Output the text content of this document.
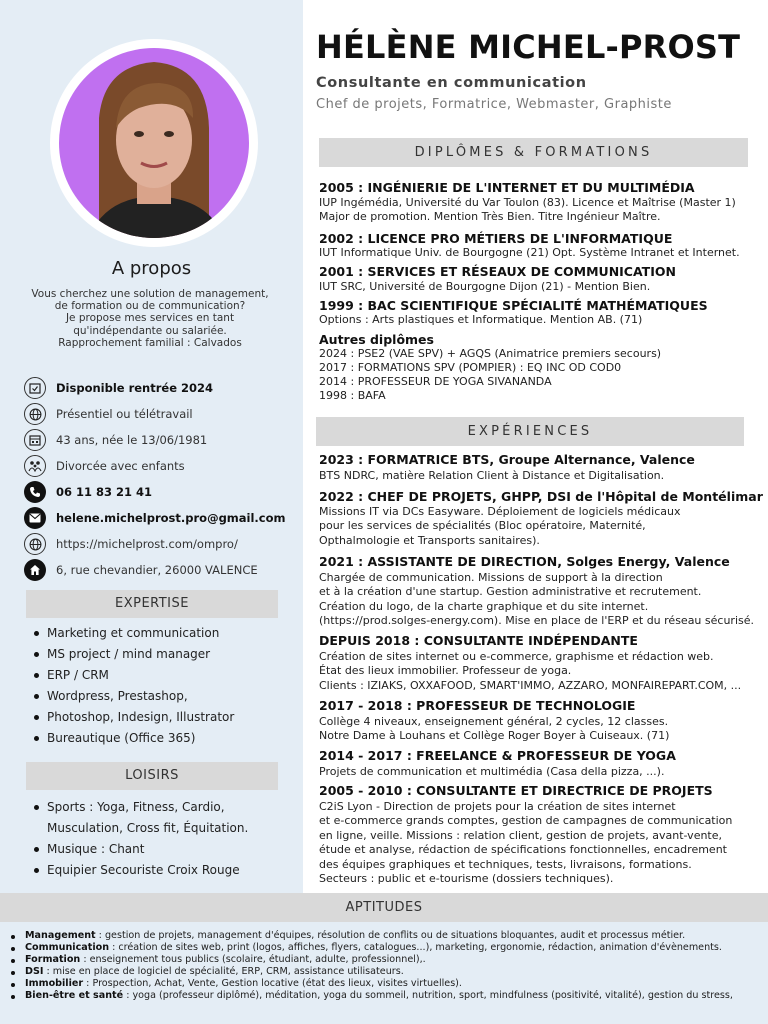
A propos
Vous cherchez une solution de management,
de formation ou de communication?
Je propose mes services en tant
qu'indépendante ou salariée.
Rapprochement familial : Calvados
Disponible rentrée 2024
Présentiel ou télétravail
43 ans, née le 13/06/1981
Divorcée avec enfants
06 11 83 21 41
helene.michelprost.pro@gmail.com
https://michelprost.com/ompro/
6, rue chevandier, 26000 VALENCE
EXPERTISE
Marketing et communication
MS project / mind manager
ERP / CRM
Wordpress, Prestashop,
Photoshop, Indesign, Illustrator
Bureautique (Office 365)
LOISIRS
Sports : Yoga, Fitness, Cardio,
Musculation, Cross fit, Équitation.
Musique : Chant
Equipier Secouriste Croix Rouge
HÉLÈNE MICHEL-PROST
Consultante en communication
Chef de projets, Formatrice, Webmaster, Graphiste
DIPLÔMES & FORMATIONS
2005 : INGÉNIERIE DE L'INTERNET ET DU MULTIMÉDIA
IUP Ingémédia, Université du Var Toulon (83). Licence et Maîtrise (Master 1)
Major de promotion. Mention Très Bien. Titre Ingénieur Maître.
2002 : LICENCE PRO MÉTIERS DE L'INFORMATIQUE
IUT Informatique Univ. de Bourgogne (21) Opt. Système Intranet et Internet.
2001 : SERVICES ET RÉSEAUX DE COMMUNICATION
IUT SRC, Université de Bourgogne Dijon (21) - Mention Bien.
1999 : BAC SCIENTIFIQUE SPÉCIALITÉ MATHÉMATIQUES
Options : Arts plastiques et Informatique. Mention AB. (71)
Autres diplômes
2024 : PSE2 (VAE SPV) + AGQS (Animatrice premiers secours)
2017 : FORMATIONS SPV (POMPIER) : EQ INC OD COD0
2014 : PROFESSEUR DE YOGA SIVANANDA
1998 : BAFA
EXPÉRIENCES
2023 : FORMATRICE BTS, Groupe Alternance, Valence
BTS NDRC, matière Relation Client à Distance et Digitalisation.
2022 : CHEF DE PROJETS, GHPP, DSI de l'Hôpital de Montélimar
Missions IT via DCs Easyware. Déploiement de logiciels médicaux
pour les services de spécialités (Bloc opératoire, Maternité,
Opthalmologie et Transports sanitaires).
2021 : ASSISTANTE DE DIRECTION, Solges Energy, Valence
Chargée de communication. Missions de support à la direction
et à la création d'une startup. Gestion administrative et recrutement.
Création du logo, de la charte graphique et du site internet.
(https://prod.solges-energy.com). Mise en place de l'ERP et du réseau sécurisé.
DEPUIS 2018 : CONSULTANTE INDÉPENDANTE
Création de sites internet ou e-commerce, graphisme et rédaction web.
État des lieux immobilier. Professeur de yoga.
Clients : IZIAKS, OXXAFOOD, SMART'IMMO, AZZARO, MONFAIREPART.COM, ...
2017 - 2018 : PROFESSEUR DE TECHNOLOGIE
Collège 4 niveaux, enseignement général, 2 cycles, 12 classes.
Notre Dame à Louhans et Collège Roger Boyer à Cuiseaux. (71)
2014 - 2017 : FREELANCE & PROFESSEUR DE YOGA
Projets de communication et multimédia (Casa della pizza, ...).
2005 - 2010 : CONSULTANTE ET DIRECTRICE DE PROJETS
C2iS Lyon - Direction de projets pour la création de sites internet
et e-commerce grands comptes, gestion de campagnes de communication
en ligne, veille. Missions : relation client, gestion de projets, avant-vente,
étude et analyse, rédaction de spécifications fonctionnelles, encadrement
des équipes graphiques et techniques, tests, livraisons, formations.
Secteurs : public et e-tourisme (dossiers techniques).
APTITUDES
Management : gestion de projets, management d'équipes, résolution de conflits ou de situations bloquantes, audit et processus métier.
Communication : création de sites web, print (logos, affiches, flyers, catalogues...), marketing, ergonomie, rédaction, animation d'évènements.
Formation : enseignement tous publics (scolaire, étudiant, adulte, professionnel),.
DSI : mise en place de logiciel de spécialité, ERP, CRM, assistance utilisateurs.
Immobilier : Prospection, Achat, Vente, Gestion locative (état des lieux, visites virtuelles).
Bien-être et santé : yoga (professeur diplômé), méditation, yoga du sommeil, nutrition, sport, mindfulness (positivité, vitalité), gestion du stress,
